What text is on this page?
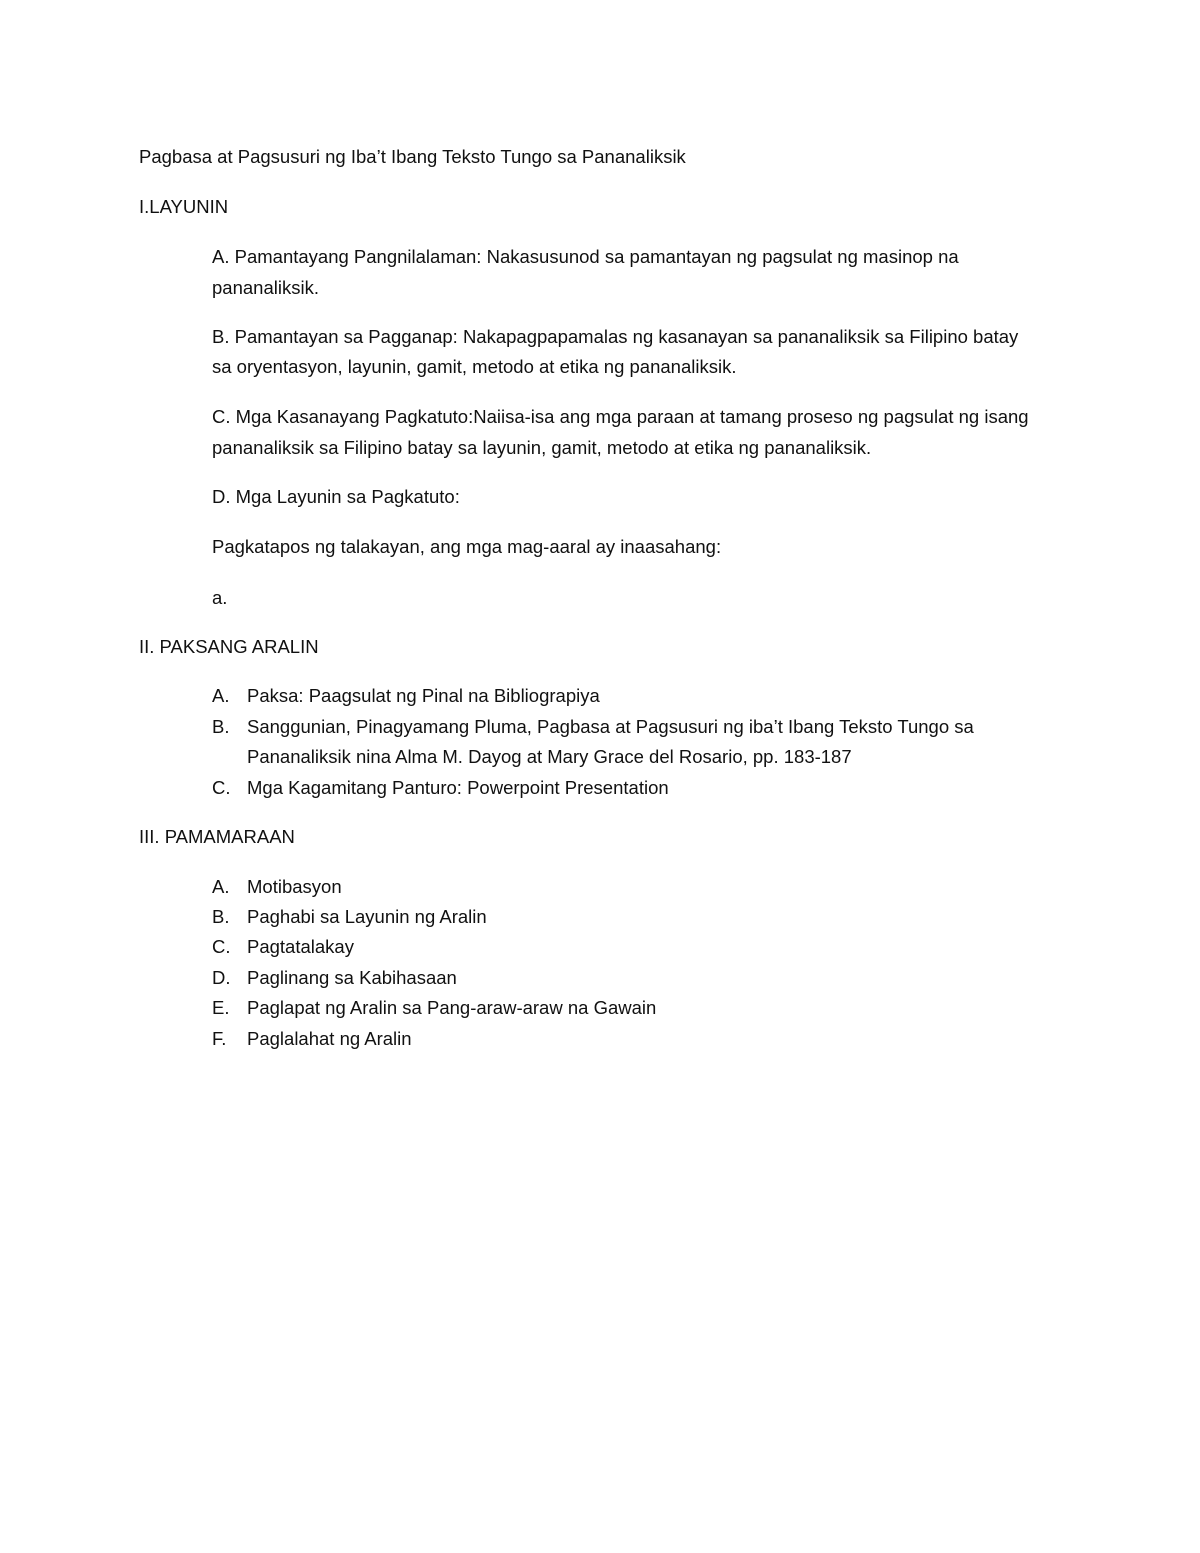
Pagbasa at Pagsusuri ng Iba’t Ibang Teksto Tungo sa Pananaliksik
I.LAYUNIN
A. Pamantayang Pangnilalaman: Nakasusunod sa pamantayan ng pagsulat ng masinop na
pananaliksik.
B. Pamantayan sa Pagganap: Nakapagpapamalas ng kasanayan sa pananaliksik sa Filipino batay
sa oryentasyon, layunin, gamit, metodo at etika ng pananaliksik.
C. Mga Kasanayang Pagkatuto:Naiisa-isa ang mga paraan at tamang proseso ng pagsulat ng isang
pananaliksik sa Filipino batay sa layunin, gamit, metodo at etika ng pananaliksik.
D. Mga Layunin sa Pagkatuto:
Pagkatapos ng talakayan, ang mga mag-aaral ay inaasahang:
a.
II. PAKSANG ARALIN
A. Paksa: Paagsulat ng Pinal na Bibliograpiya
B. Sanggunian, Pinagyamang Pluma, Pagbasa at Pagsusuri ng iba’t Ibang Teksto Tungo sa
Pananaliksik nina Alma M. Dayog at Mary Grace del Rosario, pp. 183-187
C. Mga Kagamitang Panturo: Powerpoint Presentation
III. PAMAMARAAN
A. Motibasyon
B. Paghabi sa Layunin ng Aralin
C. Pagtatalakay
D. Paglinang sa Kabihasaan
E. Paglapat ng Aralin sa Pang-araw-araw na Gawain
F. Paglalahat ng Aralin
